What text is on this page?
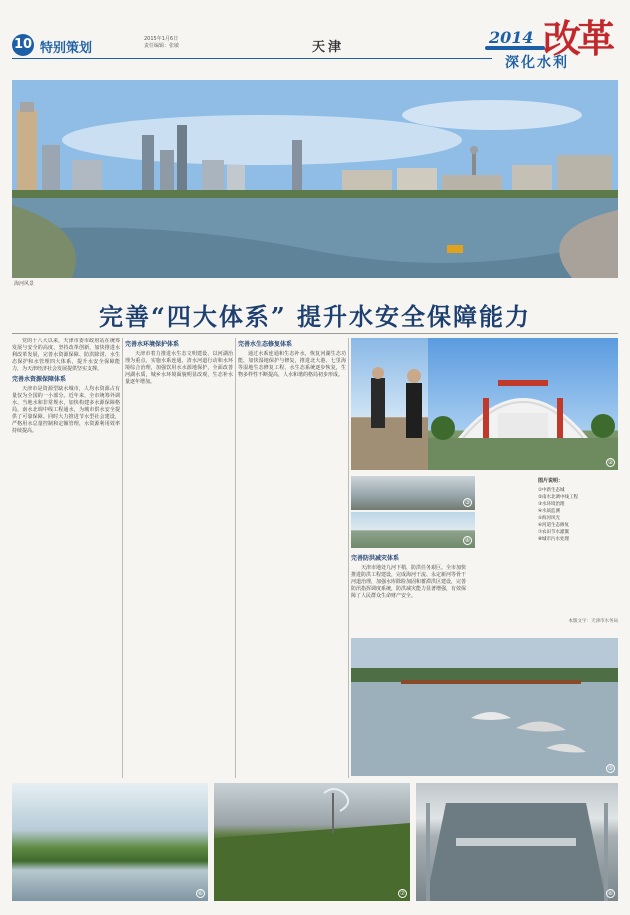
10 特别策划
2015年1月6日
责任编辑：张敏	天津
2014 改革
深化水利
海河风景
完善“四大体系” 提升水安全保障能力

党的十八大以来，天津市委市政府站在统筹发展与安全的高度，坚持改革创新，加快推进水利改革发展，完善水资源保障、防洪除涝、水生态保护和水管理四大体系，提升水安全保障能力，为天津经济社会发展提供坚实支撑。

完善水资源保障体系

天津市是资源型缺水城市，人均水资源占有量仅为全国的一小部分。近年来，全市统筹外调水、当地水和非常规水，加快构建多水源保障格局，南水北调中线工程通水，为城市供水安全提供了可靠保障。同时大力推进节水型社会建设，严格用水总量控制和定额管理，水资源利用效率持续提高。

完善水环境保护体系

天津市着力推进水生态文明建设，以河湖治理为重点，实施水系连通、清水河道行动和水环境综合治理，加强饮用水水源地保护，全面改善河湖水质，城乡水环境面貌明显改观，生态补水量逐年增加。

完善水生态修复体系

通过水系连通和生态补水，恢复河湖生态功能，加快湿地保护与修复，推进北大港、七里海等湿地生态修复工程，水生态系统逐步恢复，生物多样性不断提高，人水和谐的格局初步形成。

完善防洪减灾体系

天津市地处九河下梢，防洪任务艰巨。全市加快推进防洪工程建设，完成海河干流、永定新河等骨干河道治理，加强水库除险加固和蓄滞洪区建设，完善防汛指挥调度系统，防洪减灾能力显著增强，有效保障了人民群众生命财产安全。

②
③
④
⑤
⑥	⑦	⑧
图片说明：
①中新生态城
②南水北调中线工程
③水环境治理
④水质监测
⑤海河风光
⑥河道生态修复
⑦农田节水灌溉
⑧城市污水处理
本版文字：天津市水务局
